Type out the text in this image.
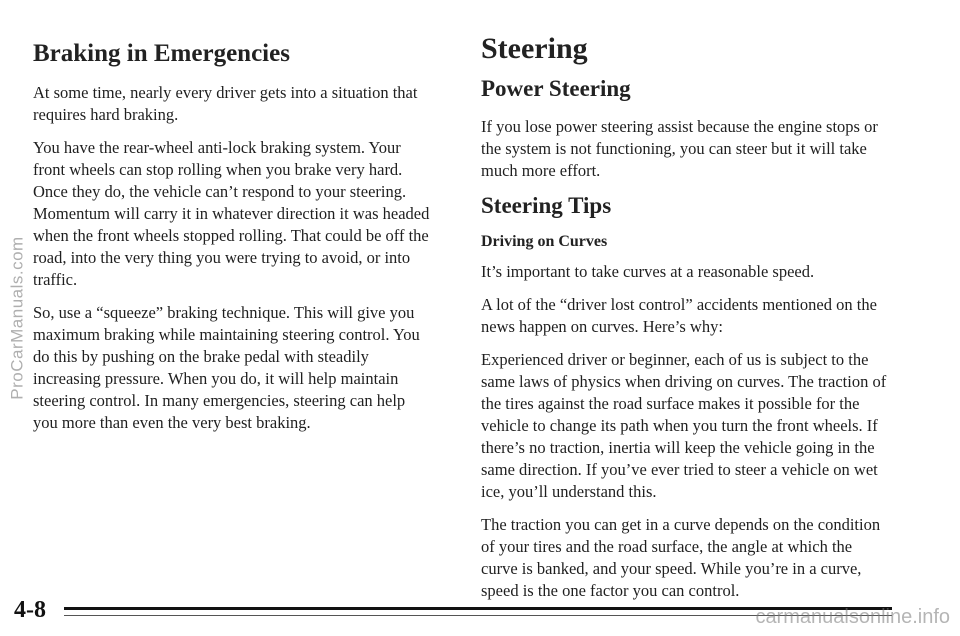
Braking in Emergencies

At some time, nearly every driver gets into a situation that requires hard braking.

You have the rear-wheel anti-lock braking system. Your front wheels can stop rolling when you brake very hard. Once they do, the vehicle can’t respond to your steering. Momentum will carry it in whatever direction it was headed when the front wheels stopped rolling. That could be off the road, into the very thing you were trying to avoid, or into traffic.

So, use a “squeeze” braking technique. This will give you maximum braking while maintaining steering control. You do this by pushing on the brake pedal with steadily increasing pressure. When you do, it will help maintain steering control. In many emergencies, steering can help you more than even the very best braking.

Steering
Power Steering

If you lose power steering assist because the engine stops or the system is not functioning, you can steer but it will take much more effort.

Steering Tips
Driving on Curves

It’s important to take curves at a reasonable speed.

A lot of the “driver lost control” accidents mentioned on the news happen on curves. Here’s why:

Experienced driver or beginner, each of us is subject to the same laws of physics when driving on curves. The traction of the tires against the road surface makes it possible for the vehicle to change its path when you turn the front wheels. If there’s no traction, inertia will keep the vehicle going in the same direction. If you’ve ever tried to steer a vehicle on wet ice, you’ll understand this.

The traction you can get in a curve depends on the condition of your tires and the road surface, the angle at which the curve is banked, and your speed. While you’re in a curve, speed is the one factor you can control.

4-8
ProCarManuals.com
carmanualsonline.info
